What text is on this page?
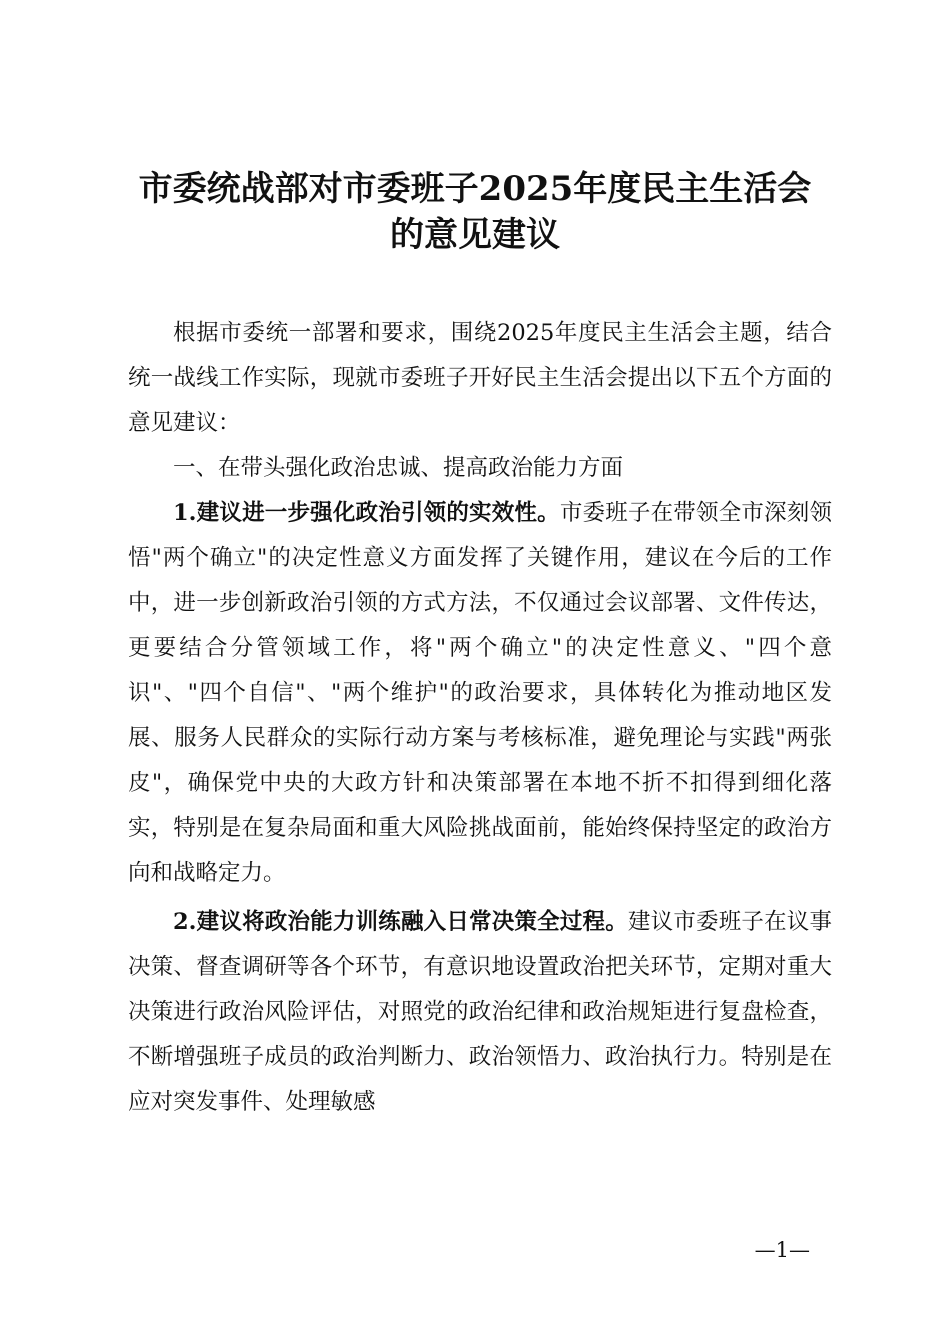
市委统战部对市委班子2025年度民主生活会
的意见建议

根据市委统一部署和要求，围绕2025年度民主生活会主题，结合统一战线工作实际，现就市委班子开好民主生活会提出以下五个方面的意见建议：

一、在带头强化政治忠诚、提高政治能力方面

1.建议进一步强化政治引领的实效性。市委班子在带领全市深刻领悟"两个确立"的决定性意义方面发挥了关键作用，建议在今后的工作中，进一步创新政治引领的方式方法，不仅通过会议部署、文件传达，更要结合分管领域工作，将"两个确立"的决定性意义、"四个意识"、"四个自信"、"两个维护"的政治要求，具体转化为推动地区发展、服务人民群众的实际行动方案与考核标准，避免理论与实践"两张皮"，确保党中央的大政方针和决策部署在本地不折不扣得到细化落实，特别是在复杂局面和重大风险挑战面前，能始终保持坚定的政治方向和战略定力。

2.建议将政治能力训练融入日常决策全过程。建议市委班子在议事决策、督查调研等各个环节，有意识地设置政治把关环节，定期对重大决策进行政治风险评估，对照党的政治纪律和政治规矩进行复盘检查，不断增强班子成员的政治判断力、政治领悟力、政治执行力。特别是在应对突发事件、处理敏感

—1—
